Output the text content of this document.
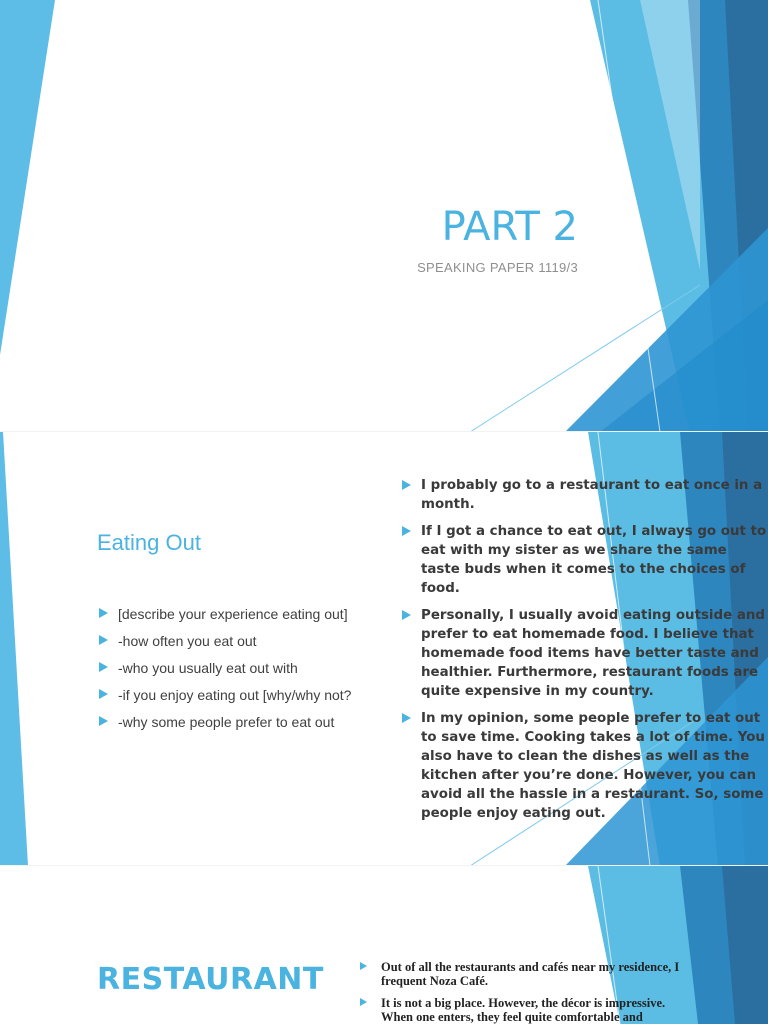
PART 2
SPEAKING PAPER 1119/3
Eating Out
[describe your experience eating out]
-how often you eat out
-who you usually eat out with
-if you enjoy eating out [why/why not?
-why some people prefer to eat out
I probably go to a restaurant to eat once in a month.
If I got a chance to eat out, I always go out to eat with my sister as we share the same taste buds when it comes to the choices of food.
Personally, I usually avoid eating outside and prefer to eat homemade food. I believe that homemade food items have better taste and healthier. Furthermore, restaurant foods are quite expensive in my country.
In my opinion, some people prefer to eat out to save time. Cooking takes a lot of time. You also have to clean the dishes as well as the kitchen after you’re done. However, you can avoid all the hassle in a restaurant. So, some people enjoy eating out.
RESTAURANT	Out of all the restaurants and cafés near my residence, I frequent Noza Café.
It is not a big place. However, the décor is impressive. When one enters, they feel quite comfortable and
